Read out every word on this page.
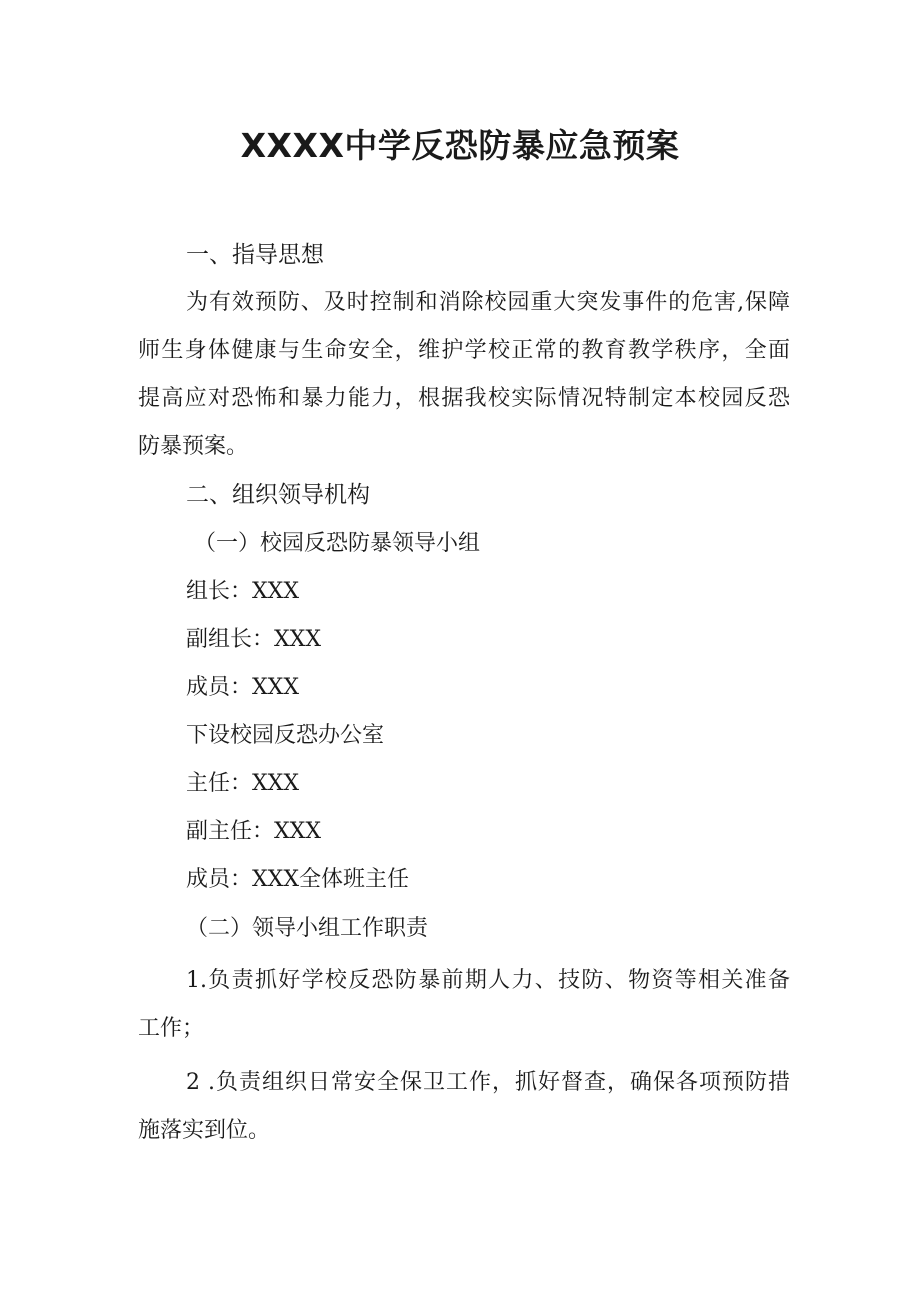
XXXX中学反恐防暴应急预案
一、指导思想
为有效预防、及时控制和消除校园重大突发事件的危害,保障
师生身体健康与生命安全，维护学校正常的教育教学秩序，全面
提高应对恐怖和暴力能力，根据我校实际情况特制定本校园反恐
防暴预案。
二、组织领导机构
（一）校园反恐防暴领导小组
组长：XXX
副组长：XXX
成员：XXX
下设校园反恐办公室
主任：XXX
副主任：XXX
成员：XXX全体班主任
（二）领导小组工作职责
1.负责抓好学校反恐防暴前期人力、技防、物资等相关准备
工作；
2 .负责组织日常安全保卫工作，抓好督查，确保各项预防措
施落实到位。
